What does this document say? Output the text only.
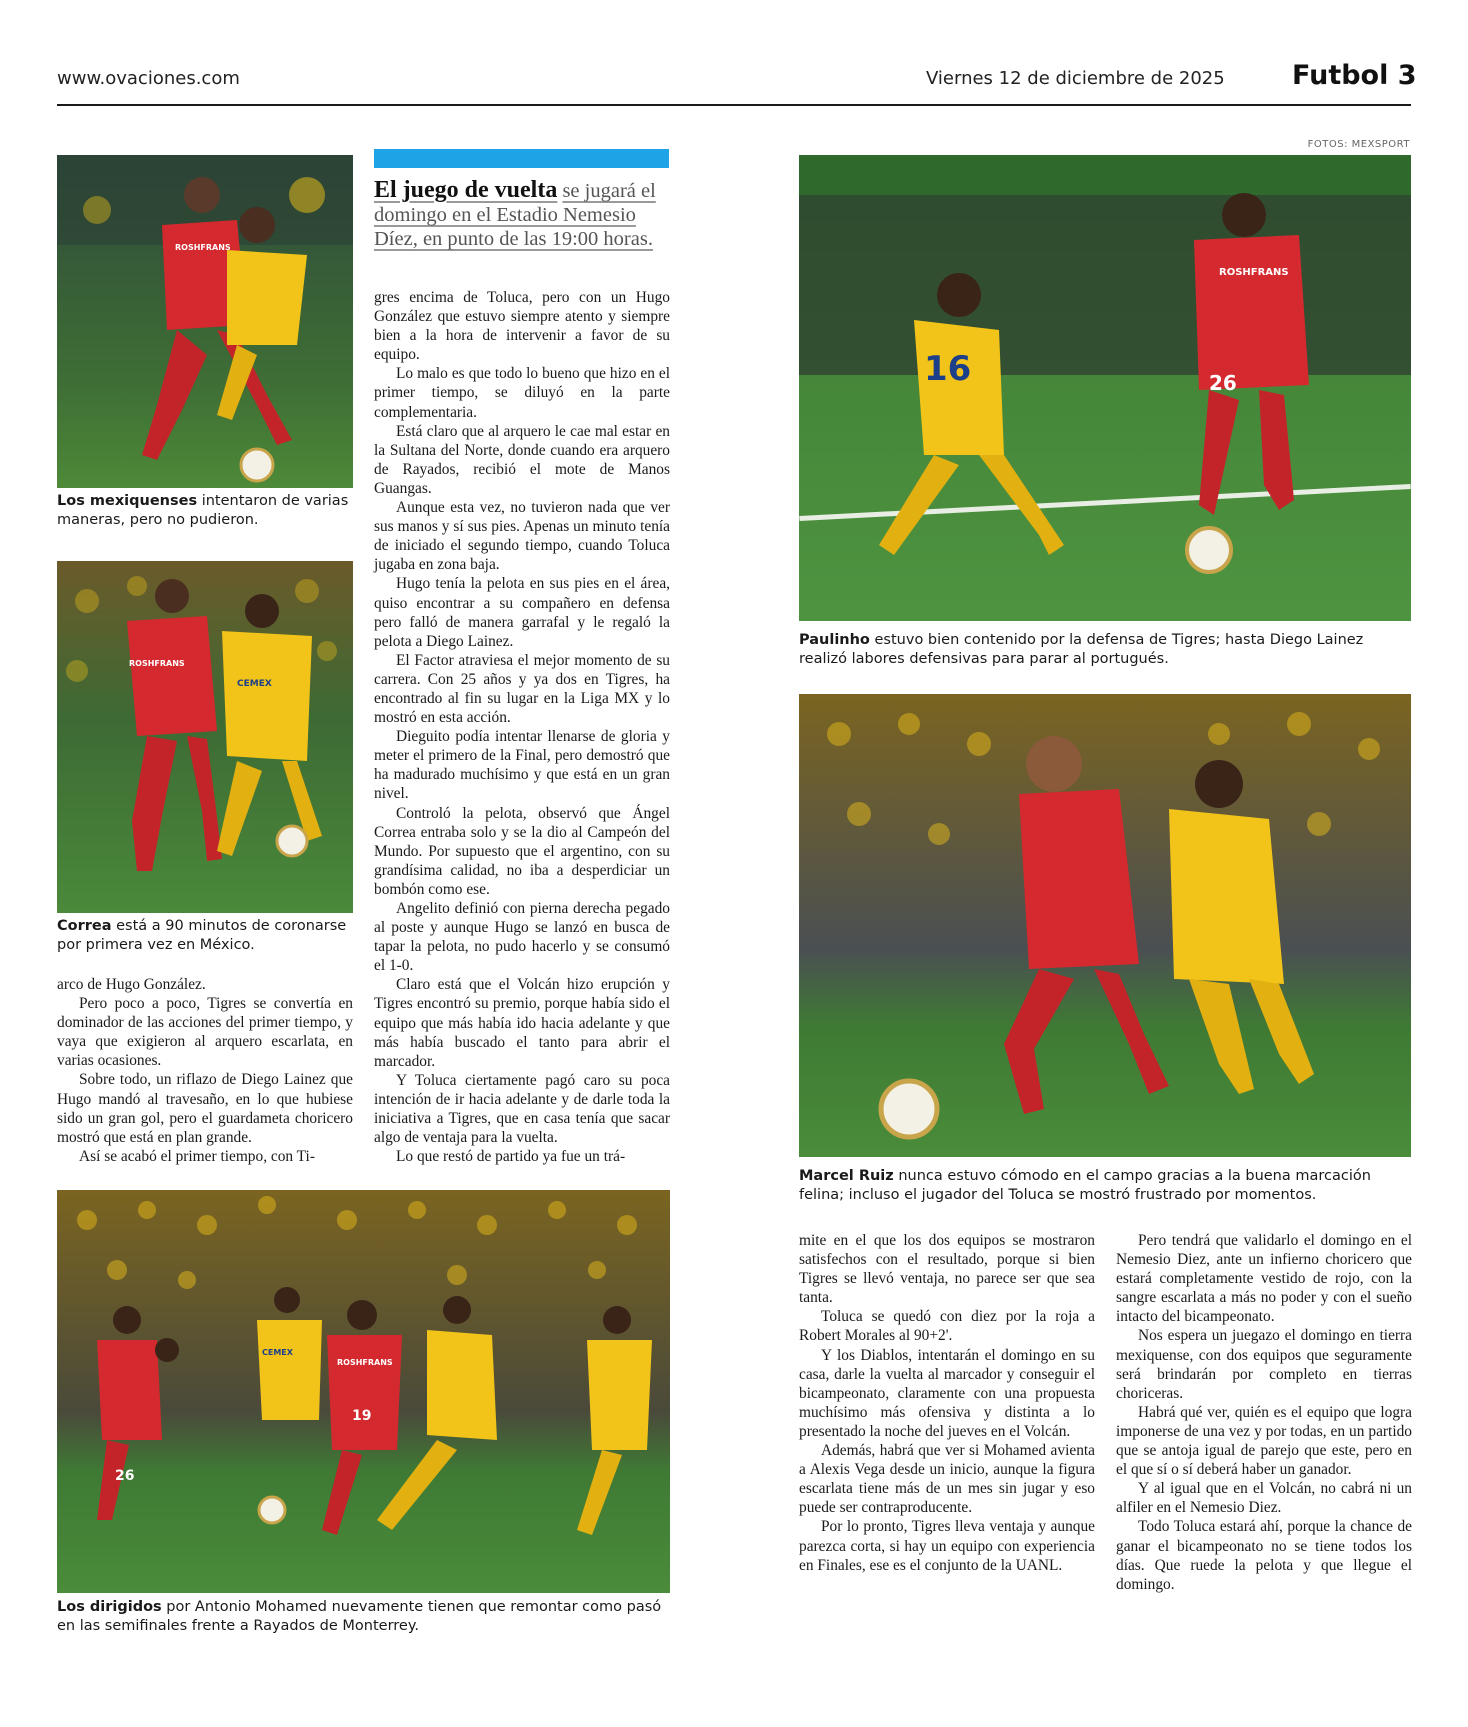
www.ovaciones.com	Viernes 12 de diciembre de 2025 Futbol 3
FOTOS: MEXSPORT
ROSHFRANS
Los mexiquenses intentaron de varias maneras, pero no pudieron.
ROSHFRANS
CEMEX
Correa está a 90 minutos de coronarse por primera vez en México.

arco de Hugo González.

Pero poco a poco, Tigres se convertía en dominador de las acciones del primer tiempo, y vaya que exigieron al arquero escarlata, en varias ocasiones.

Sobre todo, un riflazo de Diego Lainez que Hugo mandó al travesaño, en lo que hubiese sido un gran gol, pero el guardameta choricero mostró que está en plan grande.

Así se acabó el primer tiempo, con Ti-

El juego de vuelta se jugará el domingo en el Estadio Nemesio Díez, en punto de las 19:00 horas.

gres encima de Toluca, pero con un Hugo González que estuvo siempre atento y siempre bien a la hora de intervenir a favor de su equipo.

Lo malo es que todo lo bueno que hizo en el primer tiempo, se diluyó en la parte complementaria.

Está claro que al arquero le cae mal estar en la Sultana del Norte, donde cuando era arquero de Rayados, recibió el mote de Manos Guangas.

Aunque esta vez, no tuvieron nada que ver sus manos y sí sus pies. Apenas un minuto tenía de iniciado el segundo tiempo, cuando Toluca jugaba en zona baja.

Hugo tenía la pelota en sus pies en el área, quiso encontrar a su compañero en defensa pero falló de manera garrafal y le regaló la pelota a Diego Lainez.

El Factor atraviesa el mejor momento de su carrera. Con 25 años y ya dos en Tigres, ha encontrado al fin su lugar en la Liga MX y lo mostró en esta acción.

Dieguito podía intentar llenarse de gloria y meter el primero de la Final, pero demostró que ha madurado muchísimo y que está en un gran nivel.

Controló la pelota, observó que Ángel Correa entraba solo y se la dio al Campeón del Mundo. Por supuesto que el argentino, con su grandísima calidad, no iba a desperdiciar un bombón como ese.

Angelito definió con pierna derecha pegado al poste y aunque Hugo se lanzó en busca de tapar la pelota, no pudo hacerlo y se consumó el 1-0.

Claro está que el Volcán hizo erupción y Tigres encontró su premio, porque había sido el equipo que más había ido hacia adelante y que más había buscado el tanto para abrir el marcador.

Y Toluca ciertamente pagó caro su poca intención de ir hacia adelante y de darle toda la iniciativa a Tigres, que en casa tenía que sacar algo de ventaja para la vuelta.

Lo que restó de partido ya fue un trá-

CEMEX
ROSHFRANS
26
19
Los dirigidos por Antonio Mohamed nuevamente tienen que remontar como pasó en las semifinales frente a Rayados de Monterrey.
16	26
ROSHFRANS
Paulinho estuvo bien contenido por la defensa de Tigres; hasta Diego Lainez realizó labores defensivas para parar al portugués.
Marcel Ruiz nunca estuvo cómodo en el campo gracias a la buena marcación felina; incluso el jugador del Toluca se mostró frustrado por momentos.

mite en el que los dos equipos se mostraron satisfechos con el resultado, porque si bien Tigres se llevó ventaja, no parece ser que sea tanta.

Toluca se quedó con diez por la roja a Robert Morales al 90+2'.

Y los Diablos, intentarán el domingo en su casa, darle la vuelta al marcador y conseguir el bicampeonato, claramente con una propuesta muchísimo más ofensiva y distinta a lo presentado la noche del jueves en el Volcán.

Además, habrá que ver si Mohamed avienta a Alexis Vega desde un inicio, aunque la figura escarlata tiene más de un mes sin jugar y eso puede ser contraproducente.

Por lo pronto, Tigres lleva ventaja y aunque parezca corta, si hay un equipo con experiencia en Finales, ese es el conjunto de la UANL.

Pero tendrá que validarlo el domingo en el Nemesio Diez, ante un infierno choricero que estará completamente vestido de rojo, con la sangre escarlata a más no poder y con el sueño intacto del bicampeonato.

Nos espera un juegazo el domingo en tierra mexiquense, con dos equipos que seguramente será brindarán por completo en tierras choriceras.

Habrá qué ver, quién es el equipo que logra imponerse de una vez y por todas, en un partido que se antoja igual de parejo que este, pero en el que sí o sí deberá haber un ganador.

Y al igual que en el Volcán, no cabrá ni un alfiler en el Nemesio Diez.

Todo Toluca estará ahí, porque la chance de ganar el bicampeonato no se tiene todos los días. Que ruede la pelota y que llegue el domingo.
